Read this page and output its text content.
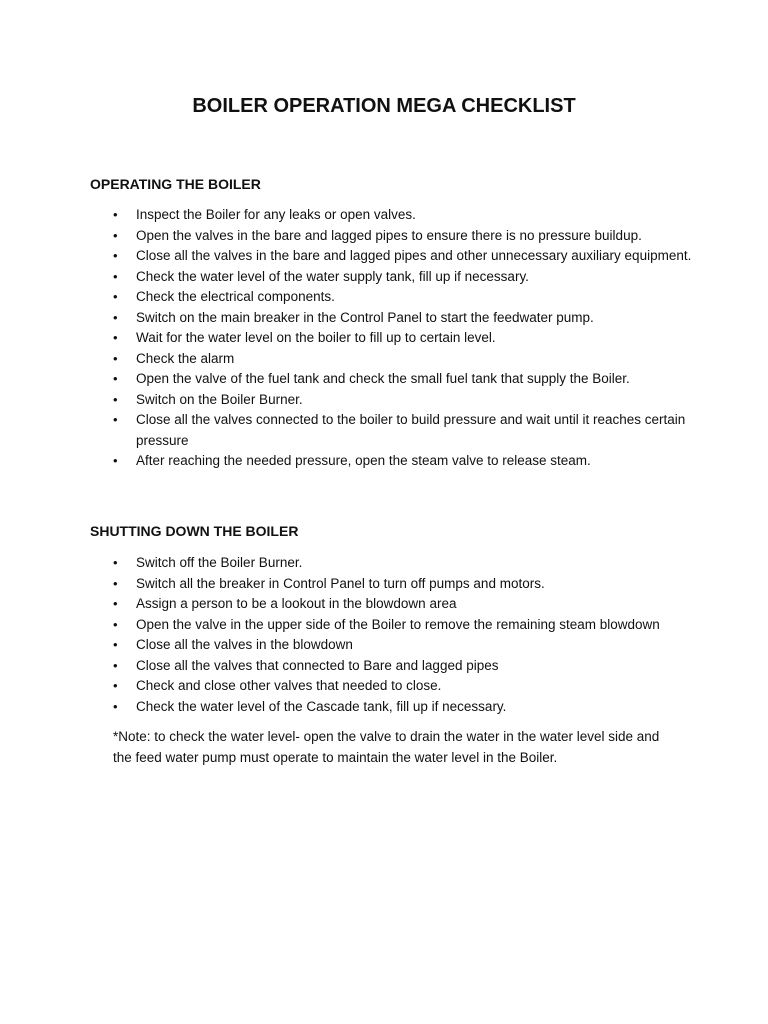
BOILER OPERATION MEGA CHECKLIST
OPERATING THE BOILER
•	Inspect the Boiler for any leaks or open valves.
•	Open the valves in the bare and lagged pipes to ensure there is no pressure buildup.
•	Close all the valves in the bare and lagged pipes and other unnecessary auxiliary equipment.
•	Check the water level of the water supply tank, fill up if necessary.
•	Check the electrical components.
•	Switch on the main breaker in the Control Panel to start the feedwater pump.
•	Wait for the water level on the boiler to fill up to certain level.
•	Check the alarm
•	Open the valve of the fuel tank and check the small fuel tank that supply the Boiler.
•	Switch on the Boiler Burner.
•	Close all the valves connected to the boiler to build pressure and wait until it reaches certain pressure
•	After reaching the needed pressure, open the steam valve to release steam.
SHUTTING DOWN THE BOILER
•	Switch off the Boiler Burner.
•	Switch all the breaker in Control Panel to turn off pumps and motors.
•	Assign a person to be a lookout in the blowdown area
•	Open the valve in the upper side of the Boiler to remove the remaining steam blowdown
•	Close all the valves in the blowdown
•	Close all the valves that connected to Bare and lagged pipes
•	Check and close other valves that needed to close.
•	Check the water level of the Cascade tank, fill up if necessary.

*Note: to check the water level- open the valve to drain the water in the water level side and the feed water pump must operate to maintain the water level in the Boiler.
